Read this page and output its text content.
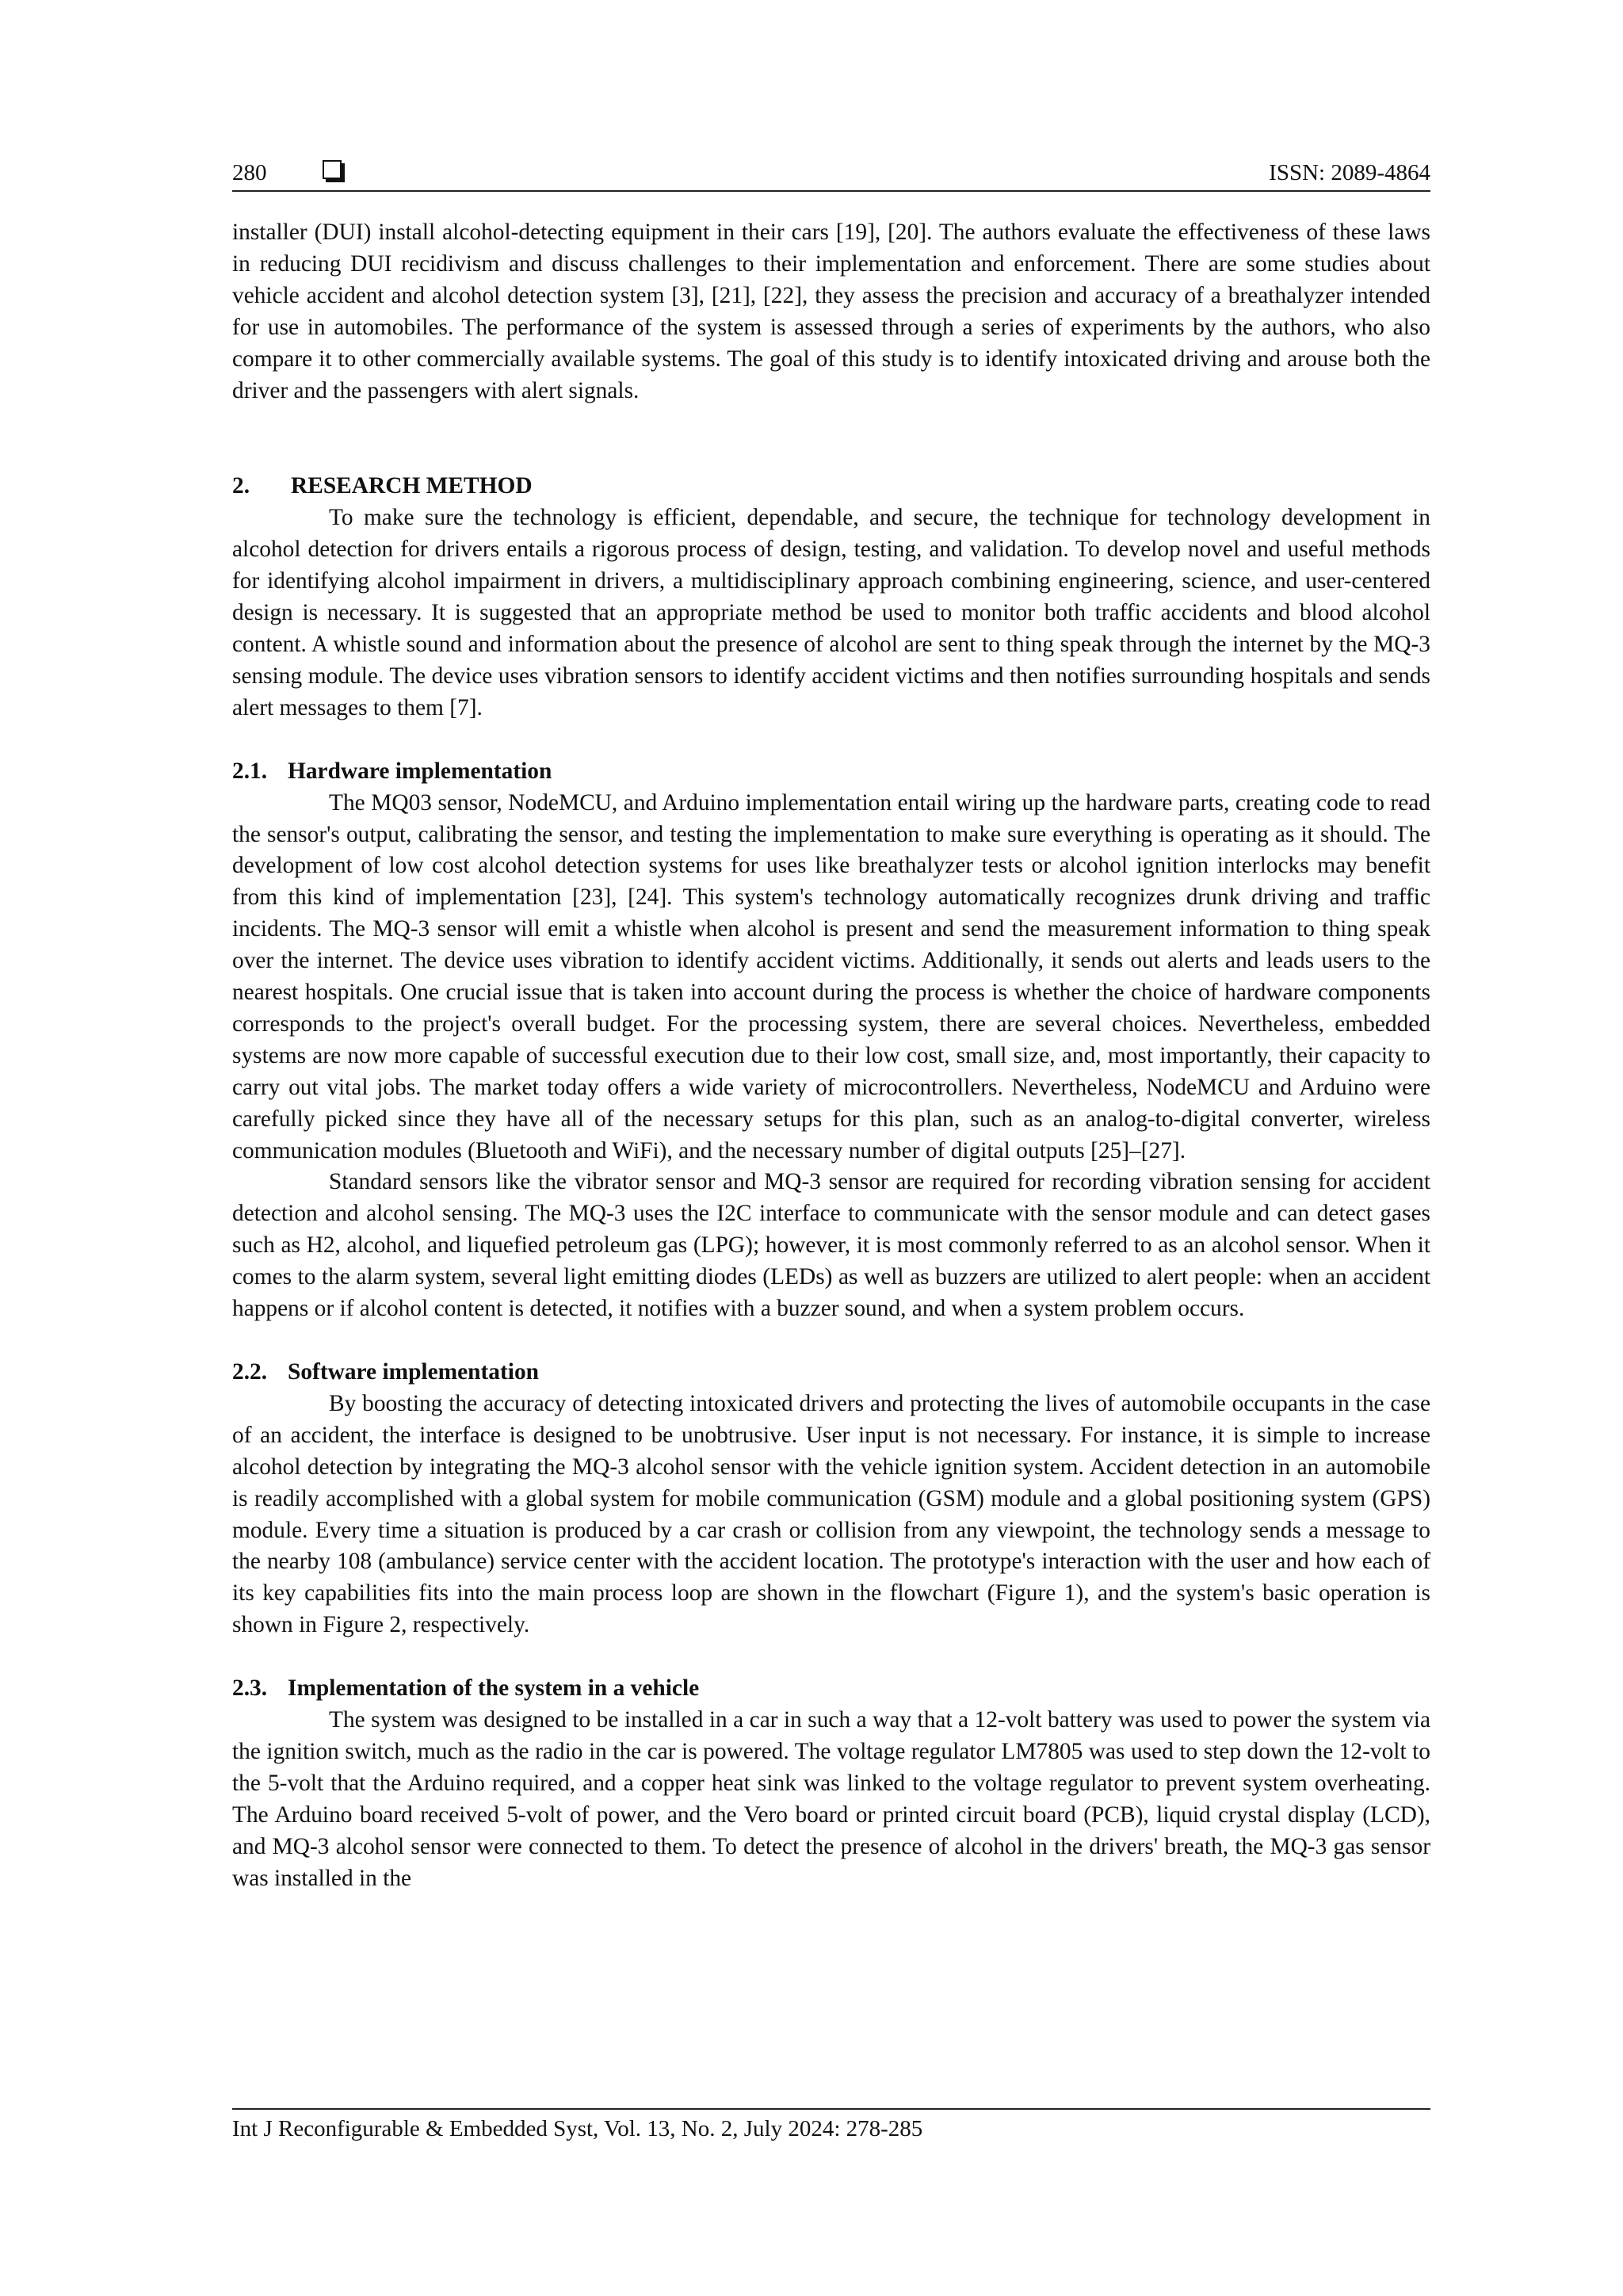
280	ISSN: 2089-4864

installer (DUI) install alcohol-detecting equipment in their cars [19], [20]. The authors evaluate the effectiveness of these laws in reducing DUI recidivism and discuss challenges to their implementation and enforcement. There are some studies about vehicle accident and alcohol detection system [3], [21], [22], they assess the precision and accuracy of a breathalyzer intended for use in automobiles. The performance of the system is assessed through a series of experiments by the authors, who also compare it to other commercially available systems. The goal of this study is to identify intoxicated driving and arouse both the driver and the passengers with alert signals.

2. RESEARCH METHOD

To make sure the technology is efficient, dependable, and secure, the technique for technology development in alcohol detection for drivers entails a rigorous process of design, testing, and validation. To develop novel and useful methods for identifying alcohol impairment in drivers, a multidisciplinary approach combining engineering, science, and user-centered design is necessary. It is suggested that an appropriate method be used to monitor both traffic accidents and blood alcohol content. A whistle sound and information about the presence of alcohol are sent to thing speak through the internet by the MQ-3 sensing module. The device uses vibration sensors to identify accident victims and then notifies surrounding hospitals and sends alert messages to them [7].

2.1. Hardware implementation

The MQ03 sensor, NodeMCU, and Arduino implementation entail wiring up the hardware parts, creating code to read the sensor's output, calibrating the sensor, and testing the implementation to make sure everything is operating as it should. The development of low cost alcohol detection systems for uses like breathalyzer tests or alcohol ignition interlocks may benefit from this kind of implementation [23], [24]. This system's technology automatically recognizes drunk driving and traffic incidents. The MQ-3 sensor will emit a whistle when alcohol is present and send the measurement information to thing speak over the internet. The device uses vibration to identify accident victims. Additionally, it sends out alerts and leads users to the nearest hospitals. One crucial issue that is taken into account during the process is whether the choice of hardware components corresponds to the project's overall budget. For the processing system, there are several choices. Nevertheless, embedded systems are now more capable of successful execution due to their low cost, small size, and, most importantly, their capacity to carry out vital jobs. The market today offers a wide variety of microcontrollers. Nevertheless, NodeMCU and Arduino were carefully picked since they have all of the necessary setups for this plan, such as an analog-to-digital converter, wireless communication modules (Bluetooth and WiFi), and the necessary number of digital outputs [25]–[27].

Standard sensors like the vibrator sensor and MQ-3 sensor are required for recording vibration sensing for accident detection and alcohol sensing. The MQ-3 uses the I2C interface to communicate with the sensor module and can detect gases such as H2, alcohol, and liquefied petroleum gas (LPG); however, it is most commonly referred to as an alcohol sensor. When it comes to the alarm system, several light emitting diodes (LEDs) as well as buzzers are utilized to alert people: when an accident happens or if alcohol content is detected, it notifies with a buzzer sound, and when a system problem occurs.

2.2. Software implementation

By boosting the accuracy of detecting intoxicated drivers and protecting the lives of automobile occupants in the case of an accident, the interface is designed to be unobtrusive. User input is not necessary. For instance, it is simple to increase alcohol detection by integrating the MQ-3 alcohol sensor with the vehicle ignition system. Accident detection in an automobile is readily accomplished with a global system for mobile communication (GSM) module and a global positioning system (GPS) module. Every time a situation is produced by a car crash or collision from any viewpoint, the technology sends a message to the nearby 108 (ambulance) service center with the accident location. The prototype's interaction with the user and how each of its key capabilities fits into the main process loop are shown in the flowchart (Figure 1), and the system's basic operation is shown in Figure 2, respectively.

2.3. Implementation of the system in a vehicle

The system was designed to be installed in a car in such a way that a 12-volt battery was used to power the system via the ignition switch, much as the radio in the car is powered. The voltage regulator LM7805 was used to step down the 12-volt to the 5-volt that the Arduino required, and a copper heat sink was linked to the voltage regulator to prevent system overheating. The Arduino board received 5-volt of power, and the Vero board or printed circuit board (PCB), liquid crystal display (LCD), and MQ-3 alcohol sensor were connected to them. To detect the presence of alcohol in the drivers' breath, the MQ-3 gas sensor was installed in the

Int J Reconfigurable & Embedded Syst, Vol. 13, No. 2, July 2024: 278-285
